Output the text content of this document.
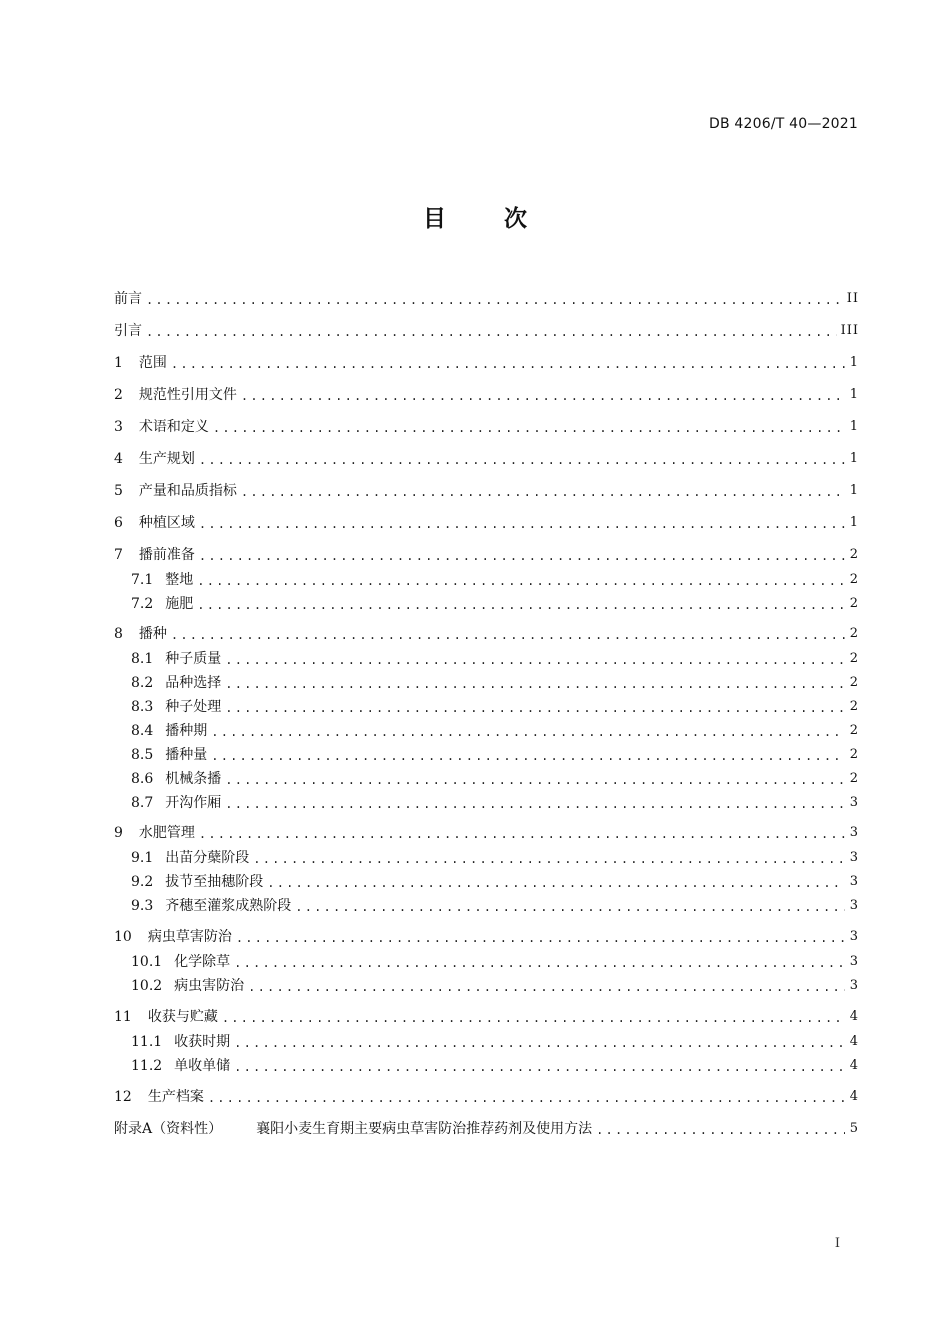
DB 4206/T 40—2021
目	次
前言 .....	II
引言 .....	III
1 范围 .....	1
2 规范性引用文件 .....	1
3 术语和定义 .....	1
4 生产规划 .....	1
5 产量和品质指标 .....	1
6 种植区域 .....	1
7 播前准备 .....	2
7.1 整地 .....	2
7.2 施肥 .....	2
8 播种 .....	2
8.1 种子质量 .....	2
8.2 品种选择 .....	2
8.3 种子处理 .....	2
8.4 播种期 .....	2
8.5 播种量 .....	2
8.6 机械条播 .....	2
8.7 开沟作厢 .....	3
9 水肥管理 .....	3
9.1 出苗分蘖阶段 .....	3
9.2 拔节至抽穗阶段 .....	3
9.3 齐穗至灌浆成熟阶段 .....	3
10 病虫草害防治 .....	3
10.1 化学除草 .....	3
10.2 病虫害防治 .....	3
11 收获与贮藏 .....	4
11.1 收获时期 .....	4
11.2 单收单储 .....	4
12 生产档案 .....	4
附录A（资料性） 襄阳小麦生育期主要病虫草害防治推荐药剂及使用方法 .....	5
I
